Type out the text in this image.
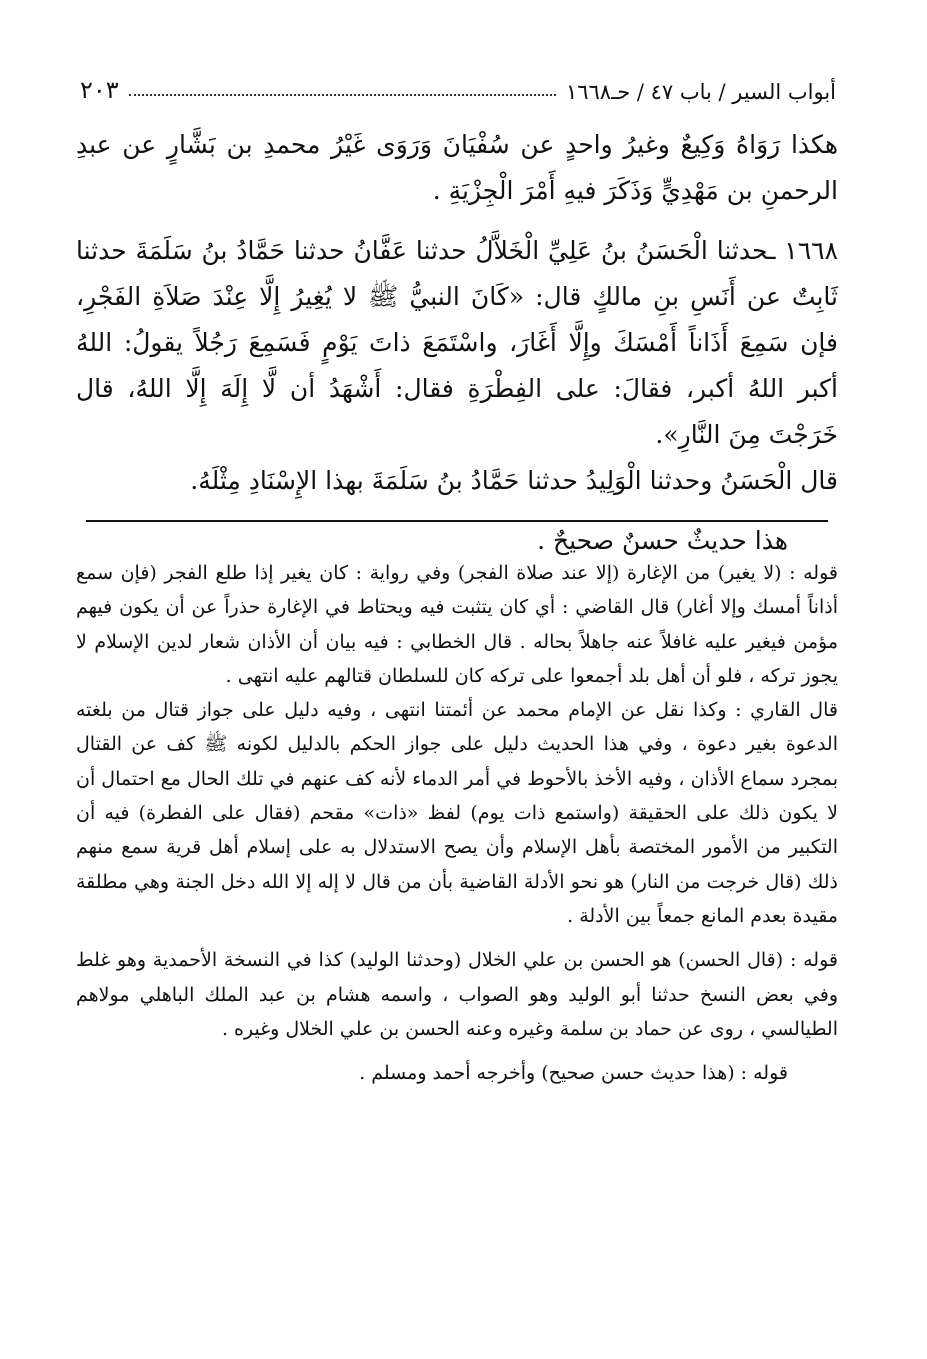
أبواب السير / باب ٤٧ / حـ١٦٦٨
٢٠٣

هكذا رَوَاهُ وَكِيعٌ وغيرُ واحدٍ عن سُفْيَانَ وَرَوَى غَيْرُ محمدِ بن بَشَّارٍ عن عبدِ الرحمنِ بن مَهْدِيٍّ وَذَكَرَ فيهِ أَمْرَ الْجِزْيَةِ .

١٦٦٨ ـحدثنا الْحَسَنُ بنُ عَلِيِّ الْخَلاَّلُ حدثنا عَفَّانُ حدثنا حَمَّادُ بنُ سَلَمَةَ حدثنا ثَابِتٌ عن أَنَسِ بنِ مالكٍ قال: «كَانَ النبيُّ ﷺ لا يُغِيرُ إِلَّا عِنْدَ صَلاَةِ الفَجْرِ، فإن سَمِعَ أَذَاناً أَمْسَكَ وإِلَّا أَغَارَ، واسْتَمَعَ ذاتَ يَوْمٍ فَسَمِعَ رَجُلاً يقولُ: اللهُ أكبر اللهُ أكبر، فقالَ: على الفِطْرَةِ فقال: أَشْهَدُ أن لَّا إِلَهَ إِلَّا اللهُ، قال خَرَجْتَ مِنَ النَّارِ».

قال الْحَسَنُ وحدثنا الْوَلِيدُ حدثنا حَمَّادُ بنُ سَلَمَةَ بهذا الإِسْنَادِ مِثْلَهُ.

هذا حديثٌ حسنٌ صحيحٌ .

قوله : (لا يغير) من الإغارة (إلا عند صلاة الفجر) وفي رواية : كان يغير إذا طلع الفجر (فإن سمع أذاناً أمسك وإلا أغار) قال القاضي : أي كان يتثبت فيه ويحتاط في الإغارة حذراً عن أن يكون فيهم مؤمن فيغير عليه غافلاً عنه جاهلاً بحاله . قال الخطابي : فيه بيان أن الأذان شعار لدين الإسلام لا يجوز تركه ، فلو أن أهل بلد أجمعوا على تركه كان للسلطان قتالهم عليه انتهى .

قال القاري : وكذا نقل عن الإمام محمد عن أئمتنا انتهى ، وفيه دليل على جواز قتال من بلغته الدعوة بغير دعوة ، وفي هذا الحديث دليل على جواز الحكم بالدليل لكونه ﷺ كف عن القتال بمجرد سماع الأذان ، وفيه الأخذ بالأحوط في أمر الدماء لأنه كف عنهم في تلك الحال مع احتمال أن لا يكون ذلك على الحقيقة (واستمع ذات يوم) لفظ «ذات» مقحم (فقال على الفطرة) فيه أن التكبير من الأمور المختصة بأهل الإسلام وأن يصح الاستدلال به على إسلام أهل قرية سمع منهم ذلك (قال خرجت من النار) هو نحو الأدلة القاضية بأن من قال لا إله إلا الله دخل الجنة وهي مطلقة مقيدة بعدم المانع جمعاً بين الأدلة .

قوله : (قال الحسن) هو الحسن بن علي الخلال (وحدثنا الوليد) كذا في النسخة الأحمدية وهو غلط وفي بعض النسخ حدثنا أبو الوليد وهو الصواب ، واسمه هشام بن عبد الملك الباهلي مولاهم الطيالسي ، روى عن حماد بن سلمة وغيره وعنه الحسن بن علي الخلال وغيره .

قوله : (هذا حديث حسن صحيح) وأخرجه أحمد ومسلم .
